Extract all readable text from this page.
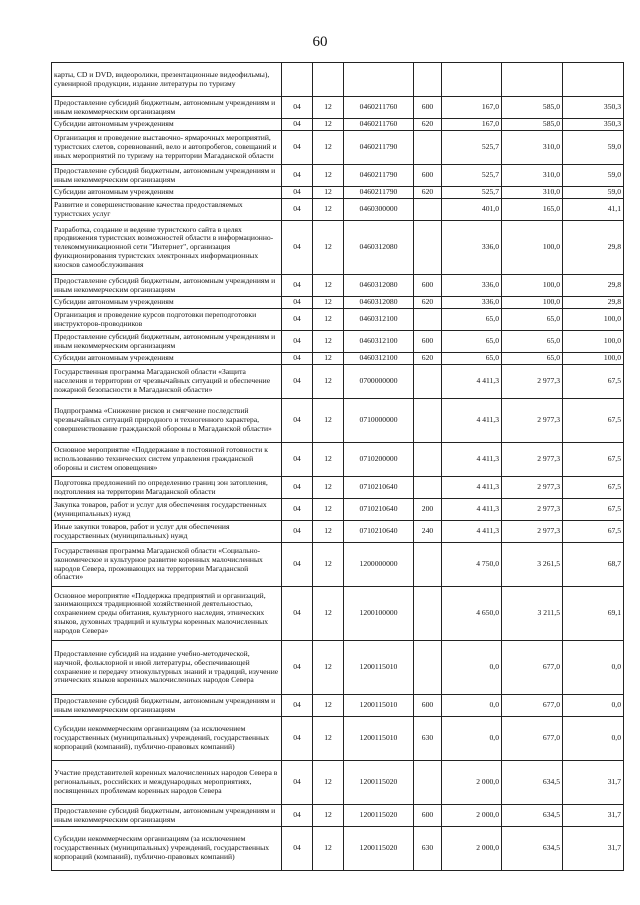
60
карты, CD и DVD, видеоролики, презентационные видеофильмы), сувенирной продукции, издание литературы по туризму							
Предоставление субсидий бюджетным, автономным учреждениям и иным некоммерческим организациям	04	12	0460211760	600	167,0	585,0	350,3
Субсидии автономным учреждениям	04	12	0460211760	620	167,0	585,0	350,3
Организация и проведение выставочно- ярмарочных мероприятий, туристских слетов, соревнований, вело и автопробегов, совещаний и иных мероприятий по туризму на территории Магаданской области	04	12	0460211790		525,7	310,0	59,0
Предоставление субсидий бюджетным, автономным учреждениям и иным некоммерческим организациям	04	12	0460211790	600	525,7	310,0	59,0
Субсидии автономным учреждениям	04	12	0460211790	620	525,7	310,0	59,0
Развитие и совершенствование качества предоставляемых туристских услуг	04	12	0460300000		401,0	165,0	41,1
Разработка, создание и ведение туристского сайта в целях продвижения туристских возможностей области в информационно-телекоммуникационной сети "Интернет", организация функционирования туристских электронных информационных киосков самообслуживания	04	12	0460312080		336,0	100,0	29,8
Предоставление субсидий бюджетным, автономным учреждениям и иным некоммерческим организациям	04	12	0460312080	600	336,0	100,0	29,8
Субсидии автономным учреждениям	04	12	0460312080	620	336,0	100,0	29,8
Организация и проведение курсов подготовки переподготовки инструкторов-проводников	04	12	0460312100		65,0	65,0	100,0
Предоставление субсидий бюджетным, автономным учреждениям и иным некоммерческим организациям	04	12	0460312100	600	65,0	65,0	100,0
Субсидии автономным учреждениям	04	12	0460312100	620	65,0	65,0	100,0
Государственная программа Магаданской области «Защита населения и территории от чрезвычайных ситуаций и обеспечение пожарной безопасности в Магаданской области»	04	12	0700000000		4 411,3	2 977,3	67,5
Подпрограмма «Снижение рисков и смягчение последствий чрезвычайных ситуаций природного и техногенного характера, совершенствование гражданской обороны в Магаданской области»	04	12	0710000000		4 411,3	2 977,3	67,5
Основное мероприятие «Поддержание в постоянной готовности к использованию технических систем управления гражданской обороны и систем оповещения»	04	12	0710200000		4 411,3	2 977,3	67,5
Подготовка предложений по определению границ зон затопления, подтопления на территории Магаданской области	04	12	0710210640		4 411,3	2 977,3	67,5
Закупка товаров, работ и услуг для обеспечения государственных (муниципальных) нужд	04	12	0710210640	200	4 411,3	2 977,3	67,5
Иные закупки товаров, работ и услуг для обеспечения государственных (муниципальных) нужд	04	12	0710210640	240	4 411,3	2 977,3	67,5
Государственная программа Магаданской области «Социально-экономическое и культурное развитие коренных малочисленных народов Севера, проживающих на территории Магаданской области»	04	12	1200000000		4 750,0	3 261,5	68,7
Основное мероприятие «Поддержка предприятий и организаций, занимающихся традиционной хозяйственной деятельностью, сохранением среды обитания, культурного наследия, этнических языков, духовных традиций и культуры коренных малочисленных народов Севера»	04	12	1200100000		4 650,0	3 211,5	69,1
Предоставление субсидий на издание учебно-методической, научной, фольклорной и иной литературы, обеспечивающей сохранение и передачу этнокультурных знаний и традиций, изучение этнических языков коренных малочисленных народов Севера	04	12	1200115010		0,0	677,0	0,0
Предоставление субсидий бюджетным, автономным учреждениям и иным некоммерческим организациям	04	12	1200115010	600	0,0	677,0	0,0
Субсидии некоммерческим организациям (за исключением государственных (муниципальных) учреждений, государственных корпораций (компаний), публично-правовых компаний)	04	12	1200115010	630	0,0	677,0	0,0
Участие представителей коренных малочисленных народов Севера в региональных, российских и международных мероприятиях, посвященных проблемам коренных народов Севера	04	12	1200115020		2 000,0	634,5	31,7
Предоставление субсидий бюджетным, автономным учреждениям и иным некоммерческим организациям	04	12	1200115020	600	2 000,0	634,5	31,7
Субсидии некоммерческим организациям (за исключением государственных (муниципальных) учреждений, государственных корпораций (компаний), публично-правовых компаний)	04	12	1200115020	630	2 000,0	634,5	31,7
